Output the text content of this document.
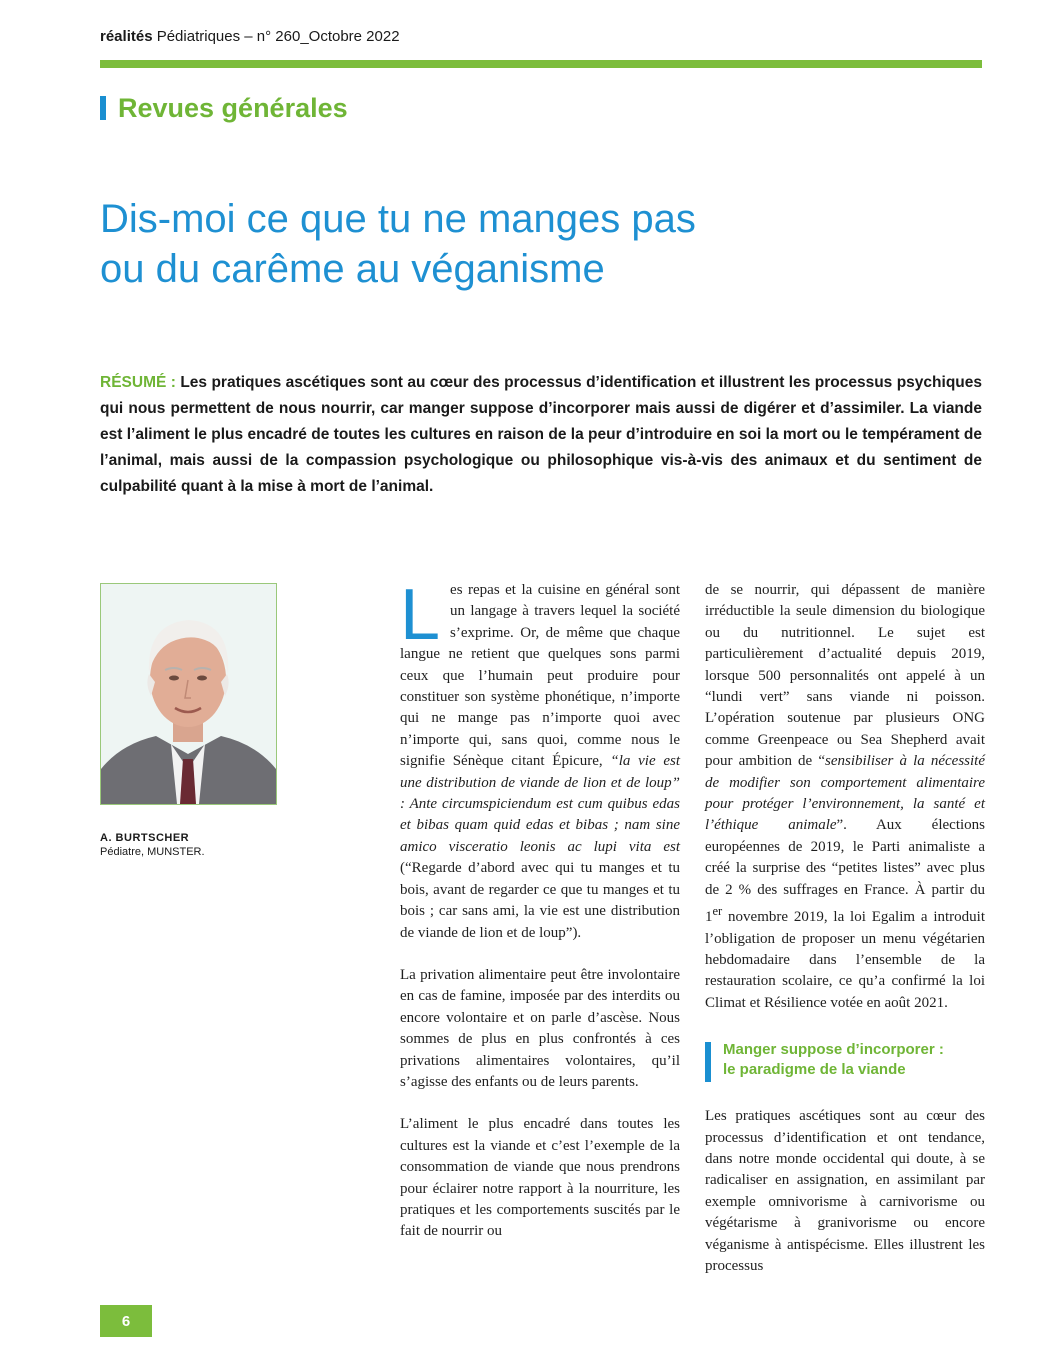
réalités Pédiatriques – n° 260_Octobre 2022
Revues générales
Dis-moi ce que tu ne manges pas
ou du carême au véganisme

RÉSUMÉ : Les pratiques ascétiques sont au cœur des processus d’identification et illustrent les processus psychiques qui nous permettent de nous nourrir, car manger suppose d’incorporer mais aussi de digérer et d’assimiler. La viande est l’aliment le plus encadré de toutes les cultures en raison de la peur d’introduire en soi la mort ou le tempérament de l’animal, mais aussi de la compassion psychologique ou philosophique vis-à-vis des animaux et du sentiment de culpabilité quant à la mise à mort de l’animal.

A. BURTSCHER
Pédiatre, MUNSTER.

Les repas et la cuisine en général sont un langage à travers lequel la société s’exprime. Or, de même que chaque langue ne retient que quelques sons parmi ceux que l’humain peut produire pour constituer son système phonétique, n’importe qui ne mange pas n’importe quoi avec n’importe qui, sans quoi, comme nous le signifie Sénèque citant Épicure, “la vie est une distribution de viande de lion et de loup” : Ante circumspiciendum est cum quibus edas et bibas quam quid edas et bibas ; nam sine amico visceratio leonis ac lupi vita est (“Regarde d’abord avec qui tu manges et tu bois, avant de regarder ce que tu manges et tu bois ; car sans ami, la vie est une distribution de viande de lion et de loup”).

La privation alimentaire peut être involontaire en cas de famine, imposée par des interdits ou encore volontaire et on parle d’ascèse. Nous sommes de plus en plus confrontés à ces privations alimentaires volontaires, qu’il s’agisse des enfants ou de leurs parents.

L’aliment le plus encadré dans toutes les cultures est la viande et c’est l’exemple de la consommation de viande que nous prendrons pour éclairer notre rapport à la nourriture, les pratiques et les comportements suscités par le fait de nourrir ou

de se nourrir, qui dépassent de manière irréductible la seule dimension du biologique ou du nutritionnel. Le sujet est particulièrement d’actualité depuis 2019, lorsque 500 personnalités ont appelé à un “lundi vert” sans viande ni poisson. L’opération soutenue par plusieurs ONG comme Greenpeace ou Sea Shepherd avait pour ambition de “sensibiliser à la nécessité de modifier son comportement alimentaire pour protéger l’environnement, la santé et l’éthique animale”. Aux élections européennes de 2019, le Parti animaliste a créé la surprise des “petites listes” avec plus de 2 % des suffrages en France. À partir du 1er novembre 2019, la loi Egalim a introduit l’obligation de proposer un menu végétarien hebdomadaire dans l’ensemble de la restauration scolaire, ce qu’a confirmé la loi Climat et Résilience votée en août 2021.

Manger suppose d’incorporer :
le paradigme de la viande

Les pratiques ascétiques sont au cœur des processus d’identification et ont tendance, dans notre monde occidental qui doute, à se radicaliser en assignation, en assimilant par exemple omnivorisme à carnivorisme ou végétarisme à granivorisme ou encore véganisme à antispécisme. Elles illustrent les processus

6
